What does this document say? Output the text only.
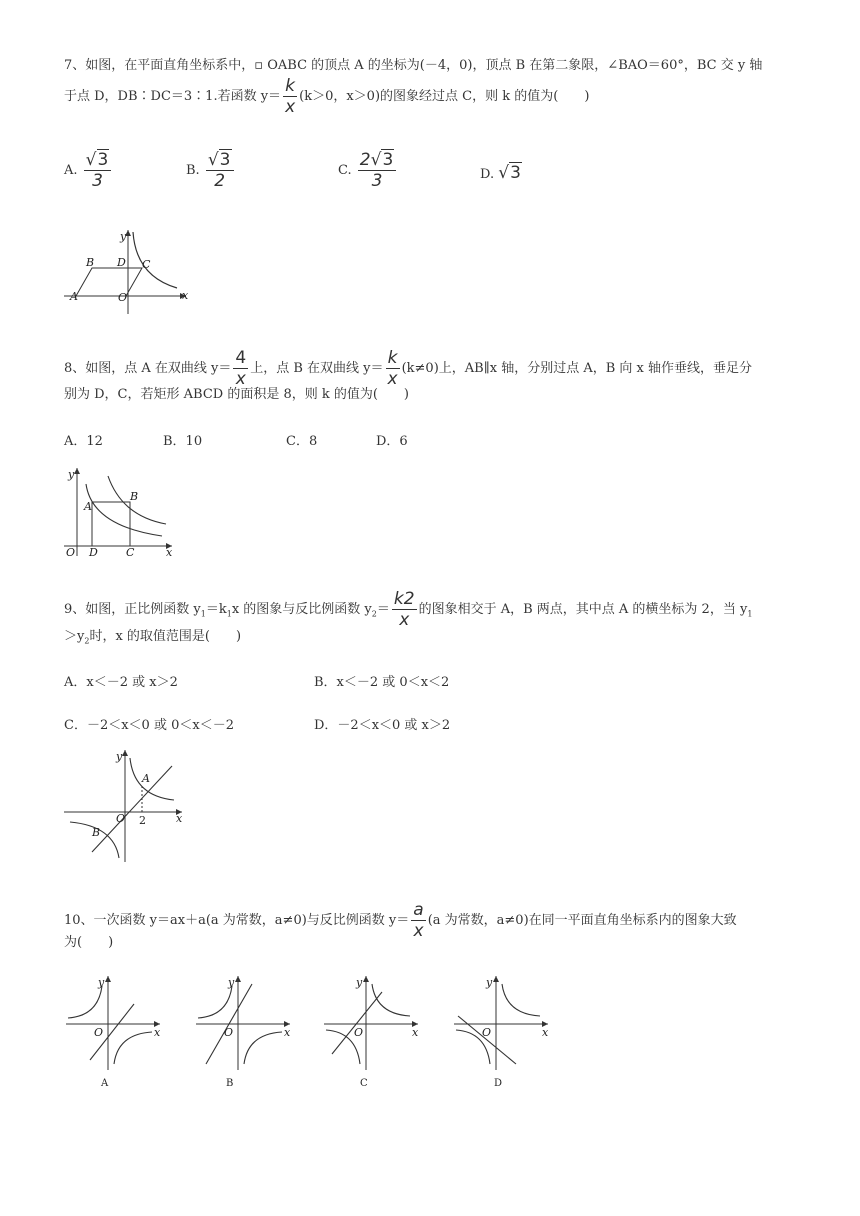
7、如图，在平面直角坐标系中，▫ OABC 的顶点 A 的坐标为(－4，0)，顶点 B 在第二象限，∠BAO＝60°，BC 交 y 轴
于点 D，DB∶DC＝3∶1.若函数 $y= \frac{k}{x} (k>0$，x＞0)的图象经过点 C，则 k 的值为(　　)
A. $\frac{√3}{3}$	B. $\frac{√3}{2}$	C. $\frac{2√3}{3}$	D. √3
y
B D C
A	O	x
8、如图，点 A 在双曲线 $y= \frac{4}{x}$ 上，点 B 在双曲线 $y= \frac{k}{x} (k\ne 0)$上，AB∥x 轴，分别过点 A，B 向 x 轴作垂线，垂足分
别为 D，C，若矩形 ABCD 的面积是 8，则 k 的值为(　　)
A．12	B．10	C．8	D．6
y
A
B
O D	C	x
9、如图，正比例函数 $y_1=k_1x$ 的图象与反比例函数 $y_2= \frac{k2}{x}$ 的图象相交于 A，B 两点，其中点 A 的横坐标为 2，当 $y_1$
$>y_2$时，x 的取值范围是(　　)
A．x＜－2 或 x＞2	B．x＜－2 或 0＜x＜2
C．－2＜x＜0 或 0＜x＜－2	D．－2＜x＜0 或 x＞2
y
A
B
O 2	x
10、一次函数 y＝ax＋a(a 为常数，a≠0)与反比例函数 $y= \frac{a}{x} (a$ 为常数，a≠0)在同一平面直角坐标系内的图象大致
为(　　)
y
O	x
A
y
O	x
B
y
O	x
C
y
O	x
D
